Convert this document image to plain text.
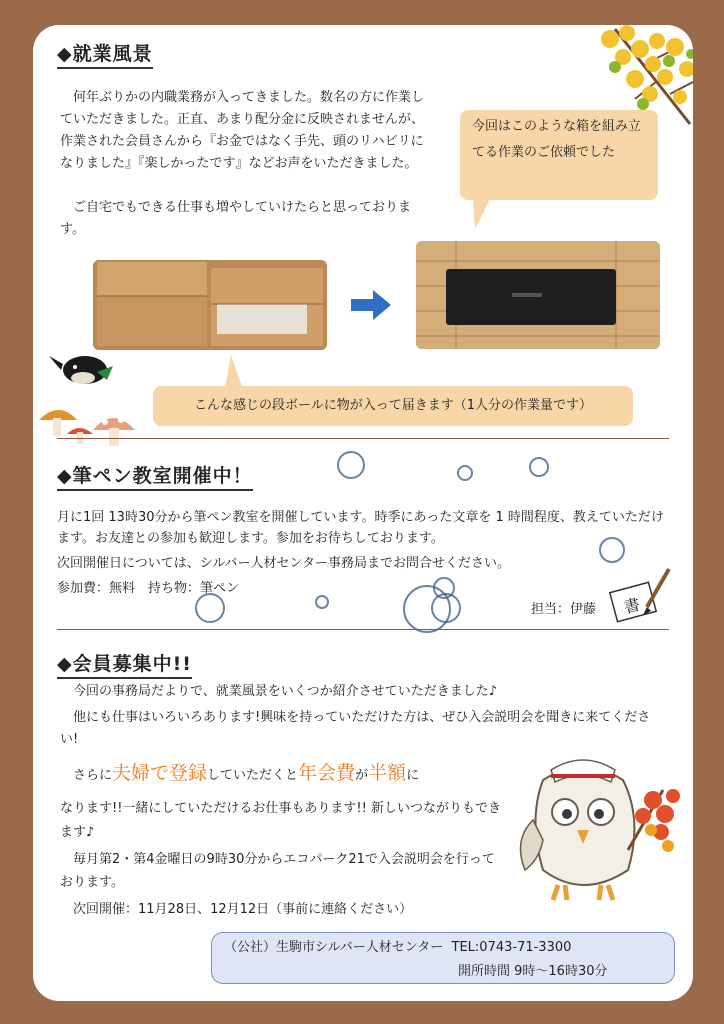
◆就業風景
何年ぶりかの内職業務が入ってきました。数名の方に作業していただきました。正直、あまり配分金に反映されませんが、作業された会員さんから『お金ではなく手先、頭のリハビリになりました』『楽しかったです』などお声をいただきました。
ご自宅でもできる仕事も増やしていけたらと思っております。
今回はこのような箱を組み立てる作業のご依頼でした
こんな感じの段ボールに物が入って届きます（1人分の作業量です）
◆筆ペン教室開催中！
月に1回 13時30分から筆ペン教室を開催しています。時季にあった文章を 1 時間程度、教えていただけます。お友達との参加も歓迎します。参加をお待ちしております。
次回開催日については、シルバー人材センター事務局までお問合せください。
参加費：無料　持ち物：筆ペン
担当：伊藤 書
◆会員募集中!!
今回の事務局だよりで、就業風景をいくつか紹介させていただきました♪
他にも仕事はいろいろあります!興味を持っていただけた方は、ぜひ入会説明会を聞きに来てください!
さらに夫婦で登録していただくと年会費が半額に
なります!!一緒にしていただけるお仕事もあります!! 新しいつながりもできます♪
毎月第2・第4金曜日の9時30分からエコパーク21で入会説明会を行っております。
次回開催：11月28日、12月12日（事前に連絡ください）
（公社）生駒市シルバー人材センター TEL:0743-71-3300
開所時間 9時～16時30分
